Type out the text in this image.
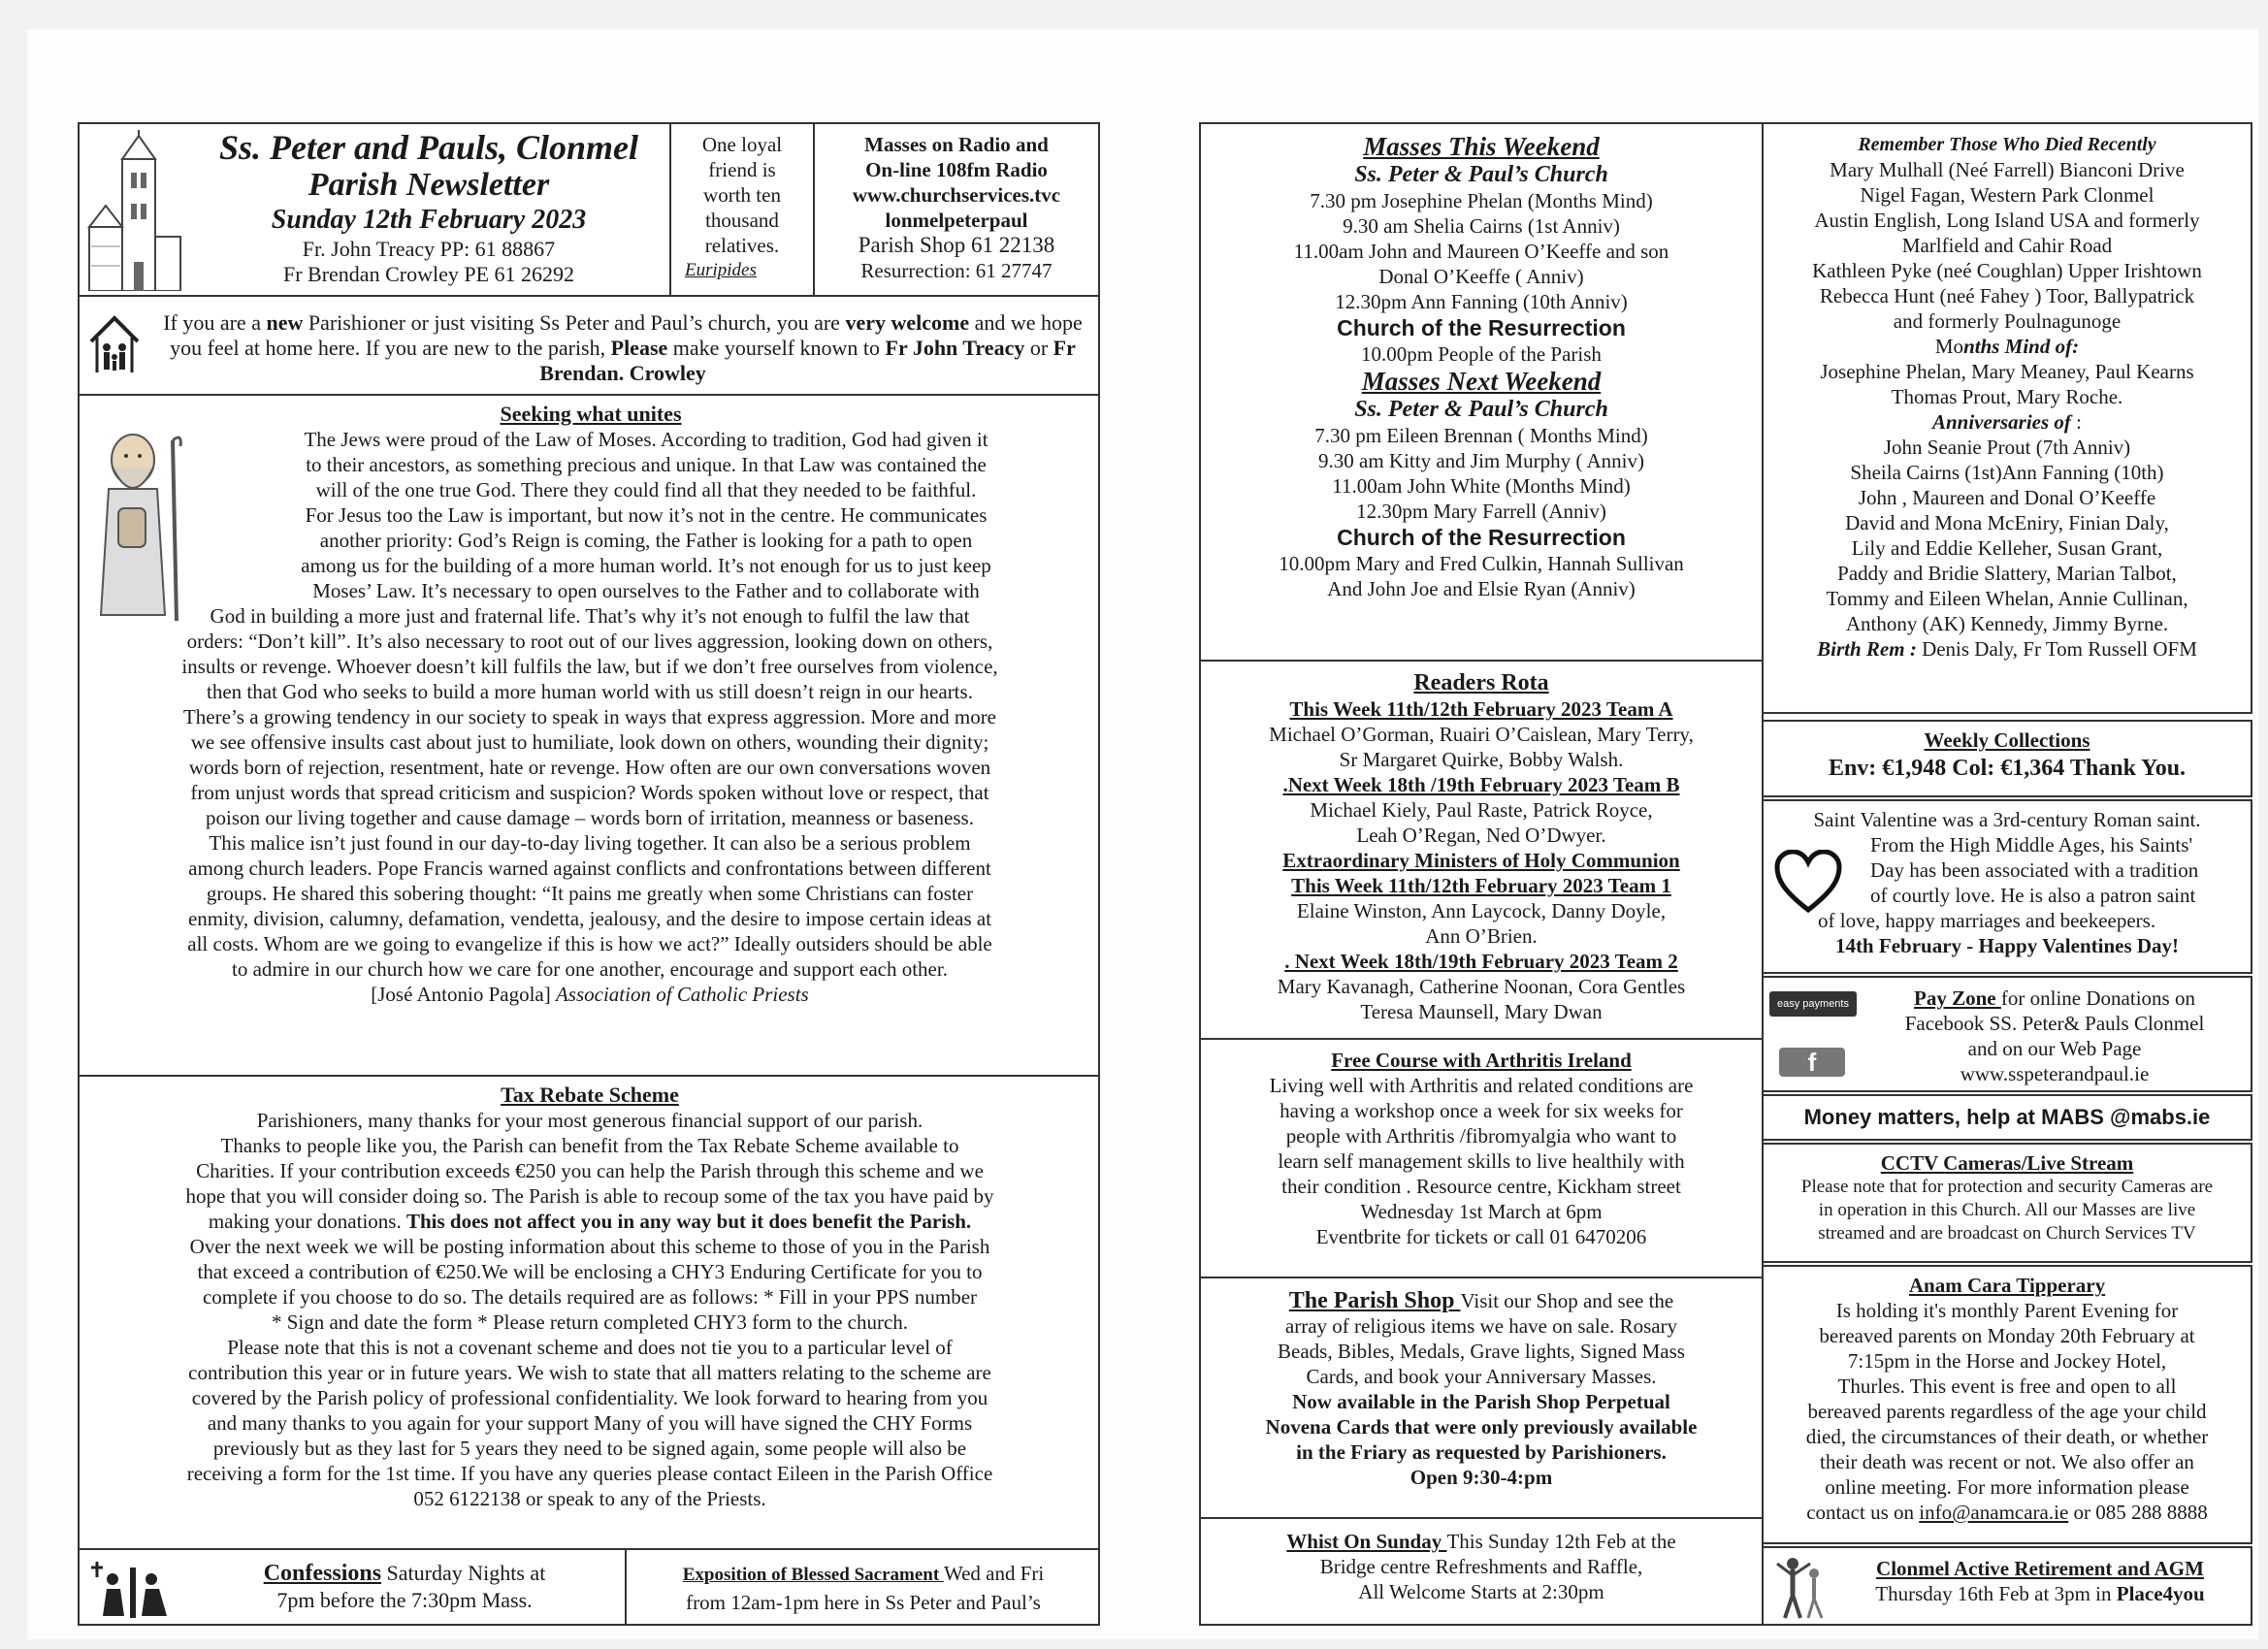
Ss. Peter and Pauls, Clonmel
Parish Newsletter
Sunday 12th February 2023
Fr. John Treacy PP: 61 88867
Fr Brendan Crowley PE 61 26292
One loyal
friend is
worth ten
thousand
relatives.
Euripides
Masses on Radio and
On-line 108fm Radio
www.churchservices.tvc
lonmelpeterpaul
Parish Shop 61 22138
Resurrection: 61 27747
If you are a new Parishioner or just visiting Ss Peter and Paul’s church, you are very welcome and we hope you feel at home here. If you are new to the parish, Please make yourself known to Fr John Treacy or Fr Brendan. Crowley
Seeking what unites
The Jews were proud of the Law of Moses. According to tradition, God had given it
to their ancestors, as something precious and unique. In that Law was contained the
will of the one true God. There they could find all that they needed to be faithful.
For Jesus too the Law is important, but now it’s not in the centre. He communicates
another priority: God’s Reign is coming, the Father is looking for a path to open
among us for the building of a more human world. It’s not enough for us to just keep
Moses’ Law. It’s necessary to open ourselves to the Father and to collaborate with
God in building a more just and fraternal life. That’s why it’s not enough to fulfil the law that
orders: “Don’t kill”. It’s also necessary to root out of our lives aggression, looking down on others,
insults or revenge. Whoever doesn’t kill fulfils the law, but if we don’t free ourselves from violence,
then that God who seeks to build a more human world with us still doesn’t reign in our hearts.
There’s a growing tendency in our society to speak in ways that express aggression. More and more
we see offensive insults cast about just to humiliate, look down on others, wounding their dignity;
words born of rejection, resentment, hate or revenge. How often are our own conversations woven
from unjust words that spread criticism and suspicion? Words spoken without love or respect, that
poison our living together and cause damage – words born of irritation, meanness or baseness.
This malice isn’t just found in our day-to-day living together. It can also be a serious problem
among church leaders. Pope Francis warned against conflicts and confrontations between different
groups. He shared this sobering thought: “It pains me greatly when some Christians can foster
enmity, division, calumny, defamation, vendetta, jealousy, and the desire to impose certain ideas at
all costs. Whom are we going to evangelize if this is how we act?” Ideally outsiders should be able
to admire in our church how we care for one another, encourage and support each other.
[José Antonio Pagola] Association of Catholic Priests
Tax Rebate Scheme
Parishioners, many thanks for your most generous financial support of our parish.
Thanks to people like you, the Parish can benefit from the Tax Rebate Scheme available to
Charities. If your contribution exceeds €250 you can help the Parish through this scheme and we
hope that you will consider doing so. The Parish is able to recoup some of the tax you have paid by
making your donations. This does not affect you in any way but it does benefit the Parish.
Over the next week we will be posting information about this scheme to those of you in the Parish
that exceed a contribution of €250.We will be enclosing a CHY3 Enduring Certificate for you to
complete if you choose to do so. The details required are as follows: * Fill in your PPS number
* Sign and date the form * Please return completed CHY3 form to the church.
Please note that this is not a covenant scheme and does not tie you to a particular level of
contribution this year or in future years. We wish to state that all matters relating to the scheme are
covered by the Parish policy of professional confidentiality. We look forward to hearing from you
and many thanks to you again for your support Many of you will have signed the CHY Forms
previously but as they last for 5 years they need to be signed again, some people will also be
receiving a form for the 1st time. If you have any queries please contact Eileen in the Parish Office
052 6122138 or speak to any of the Priests.
Confessions Saturday Nights at
7pm before the 7:30pm Mass.
Exposition of Blessed Sacrament Wed and Fri
from 12am-1pm here in Ss Peter and Paul’s
Masses This Weekend
Ss. Peter & Paul’s Church
7.30 pm Josephine Phelan (Months Mind)
9.30 am Shelia Cairns (1st Anniv)
11.00am John and Maureen O’Keeffe and son
Donal O’Keeffe ( Anniv)
12.30pm Ann Fanning (10th Anniv)
Church of the Resurrection
10.00pm People of the Parish
Masses Next Weekend
Ss. Peter & Paul’s Church
7.30 pm Eileen Brennan ( Months Mind)
9.30 am Kitty and Jim Murphy ( Anniv)
11.00am John White (Months Mind)
12.30pm Mary Farrell (Anniv)
Church of the Resurrection
10.00pm Mary and Fred Culkin, Hannah Sullivan
And John Joe and Elsie Ryan (Anniv)
Readers Rota
This Week 11th/12th February 2023 Team A
Michael O’Gorman, Ruairi O’Caislean, Mary Terry,
Sr Margaret Quirke, Bobby Walsh.
.Next Week 18th /19th February 2023 Team B
Michael Kiely, Paul Raste, Patrick Royce,
Leah O’Regan, Ned O’Dwyer.
Extraordinary Ministers of Holy Communion
This Week 11th/12th February 2023 Team 1
Elaine Winston, Ann Laycock, Danny Doyle,
Ann O’Brien.
. Next Week 18th/19th February 2023 Team 2
Mary Kavanagh, Catherine Noonan, Cora Gentles
Teresa Maunsell, Mary Dwan
Free Course with Arthritis Ireland
Living well with Arthritis and related conditions are
having a workshop once a week for six weeks for
people with Arthritis /fibromyalgia who want to
learn self management skills to live healthily with
their condition . Resource centre, Kickham street
Wednesday 1st March at 6pm
Eventbrite for tickets or call 01 6470206
The Parish Shop Visit our Shop and see the
array of religious items we have on sale. Rosary
Beads, Bibles, Medals, Grave lights, Signed Mass
Cards, and book your Anniversary Masses.
Now available in the Parish Shop Perpetual
Novena Cards that were only previously available
in the Friary as requested by Parishioners.
Open 9:30-4:pm
Whist On Sunday This Sunday 12th Feb at the
Bridge centre Refreshments and Raffle,
All Welcome Starts at 2:30pm
Remember Those Who Died Recently
Mary Mulhall (Neé Farrell) Bianconi Drive
Nigel Fagan, Western Park Clonmel
Austin English, Long Island USA and formerly
Marlfield and Cahir Road
Kathleen Pyke (neé Coughlan) Upper Irishtown
Rebecca Hunt (neé Fahey ) Toor, Ballypatrick
and formerly Poulnagunoge
Months Mind of:
Josephine Phelan, Mary Meaney, Paul Kearns
Thomas Prout, Mary Roche.
Anniversaries of :
John Seanie Prout (7th Anniv)
Sheila Cairns (1st)Ann Fanning (10th)
John , Maureen and Donal O’Keeffe
David and Mona McEniry, Finian Daly,
Lily and Eddie Kelleher, Susan Grant,
Paddy and Bridie Slattery, Marian Talbot,
Tommy and Eileen Whelan, Annie Cullinan,
Anthony (AK) Kennedy, Jimmy Byrne.
Birth Rem : Denis Daly, Fr Tom Russell OFM
Weekly Collections
Env: €1,948 Col: €1,364 Thank You.
Saint Valentine was a 3rd-century Roman saint.
From the High Middle Ages, his Saints'
Day has been associated with a tradition
of courtly love. He is also a patron saint
of love, happy marriages and beekeepers.
14th February - Happy Valentines Day!
easy payments plus
f
Pay Zone for online Donations on
Facebook SS. Peter& Pauls Clonmel
and on our Web Page
www.sspeterandpaul.ie
Money matters, help at MABS @mabs.ie
CCTV Cameras/Live Stream
Please note that for protection and security Cameras are
in operation in this Church. All our Masses are live
streamed and are broadcast on Church Services TV
Anam Cara Tipperary
Is holding it's monthly Parent Evening for
bereaved parents on Monday 20th February at
7:15pm in the Horse and Jockey Hotel,
Thurles. This event is free and open to all
bereaved parents regardless of the age your child
died, the circumstances of their death, or whether
their death was recent or not. We also offer an
online meeting. For more information please
contact us on info@anamcara.ie or 085 288 8888
Clonmel Active Retirement and AGM
Thursday 16th Feb at 3pm in Place4you
